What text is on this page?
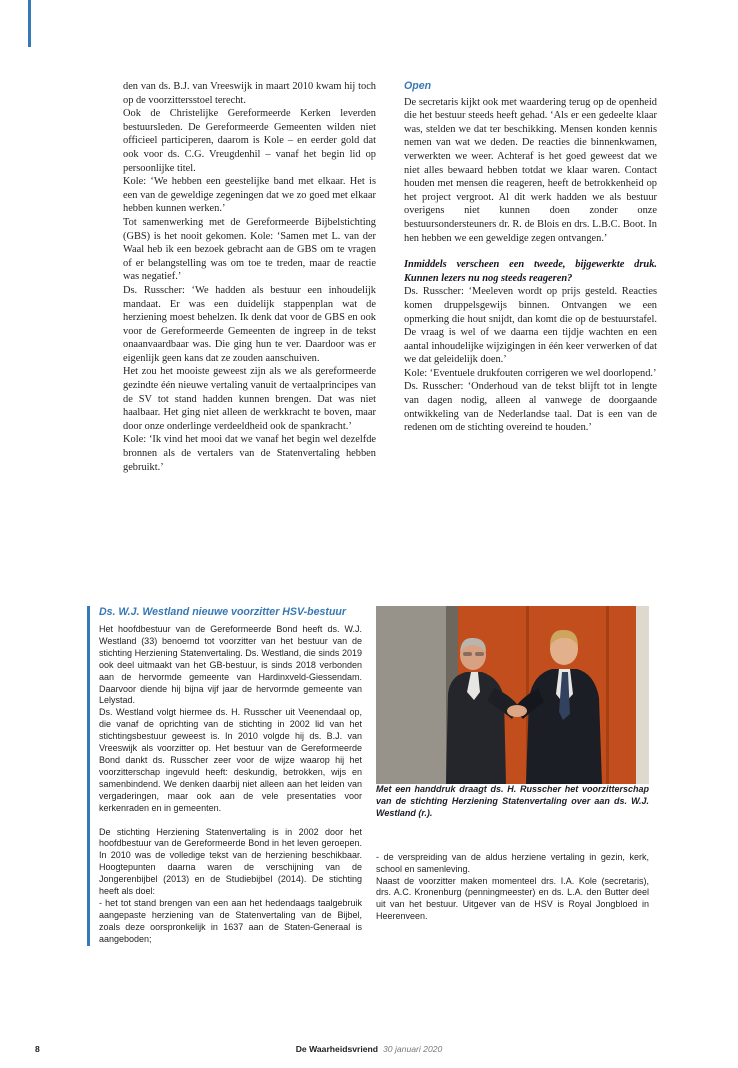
den van ds. B.J. van Vreeswijk in maart 2010 kwam hij toch op de voorzittersstoel terecht.

Ook de Christelijke Gereformeerde Kerken leverden bestuursleden. De Gereformeerde Gemeenten wilden niet officieel participeren, daarom is Kole – en eerder gold dat ook voor ds. C.G. Vreugdenhil – vanaf het begin lid op persoonlijke titel.

Kole: ‘We hebben een geestelijke band met elkaar. Het is een van de geweldige zegeningen dat we zo goed met elkaar hebben kunnen werken.’

Tot samenwerking met de Gereformeerde Bijbelstichting (GBS) is het nooit gekomen. Kole: ‘Samen met L. van der Waal heb ik een bezoek gebracht aan de GBS om te vragen of er belangstelling was om toe te treden, maar de reactie was negatief.’

Ds. Russcher: ‘We hadden als bestuur een inhoudelijk mandaat. Er was een duidelijk stappenplan wat de herziening moest behelzen. Ik denk dat voor de GBS en ook voor de Gereformeerde Gemeenten de ingreep in de tekst onaanvaardbaar was. Die ging hun te ver. Daardoor was er eigenlijk geen kans dat ze zouden aanschuiven.

Het zou het mooiste geweest zijn als we als gereformeerde gezindte één nieuwe vertaling vanuit de vertaalprincipes van de SV tot stand hadden kunnen brengen. Dat was niet haalbaar. Het ging niet alleen de werkkracht te boven, maar door onze onderlinge verdeeldheid ook de spankracht.’

Kole: ‘Ik vind het mooi dat we vanaf het begin wel dezelfde bronnen als de vertalers van de Statenvertaling hebben gebruikt.’

Open

De secretaris kijkt ook met waardering terug op de openheid die het bestuur steeds heeft gehad. ‘Als er een gedeelte klaar was, stelden we dat ter beschikking. Mensen konden kennis nemen van wat we deden. De reacties die binnenkwamen, verwerkten we weer. Achteraf is het goed geweest dat we niet alles bewaard hebben totdat we klaar waren. Contact houden met mensen die reageren, heeft de betrokkenheid op het project vergroot. Al dit werk hadden we als bestuur overigens niet kunnen doen zonder onze bestuursondersteuners dr. R. de Blois en drs. L.B.C. Boot. In hen hebben we een geweldige zegen ontvangen.’

Inmiddels verscheen een tweede, bijgewerkte druk. Kunnen lezers nu nog steeds reageren?

Ds. Russcher: ‘Meeleven wordt op prijs gesteld. Reacties komen druppelsgewijs binnen. Ontvangen we een opmerking die hout snijdt, dan komt die op de bestuurstafel. De vraag is wel of we daarna een tijdje wachten en een aantal inhoudelijke wijzigingen in één keer verwerken of dat we dat geleidelijk doen.’

Kole: ‘Eventuele drukfouten corrigeren we wel doorlopend.’

Ds. Russcher: ‘Onderhoud van de tekst blijft tot in lengte van dagen nodig, alleen al vanwege de doorgaande ontwikkeling van de Nederlandse taal. Dat is een van de redenen om de stichting overeind te houden.’

Ds. W.J. Westland nieuwe voorzitter HSV-bestuur

Het hoofdbestuur van de Gereformeerde Bond heeft ds. W.J. Westland (33) benoemd tot voorzitter van het bestuur van de stichting Herziening Statenvertaling. Ds. Westland, die sinds 2019 ook deel uitmaakt van het GB-bestuur, is sinds 2018 verbonden aan de hervormde gemeente van Hardinxveld-Giessendam. Daarvoor diende hij bijna vijf jaar de hervormde gemeente van Lelystad.

Ds. Westland volgt hiermee ds. H. Russcher uit Veenendaal op, die vanaf de oprichting van de stichting in 2002 lid van het stichtingsbestuur geweest is. In 2010 volgde hij ds. B.J. van Vreeswijk als voorzitter op. Het bestuur van de Gereformeerde Bond dankt ds. Russcher zeer voor de wijze waarop hij het voorzitterschap ingevuld heeft: deskundig, betrokken, wijs en samenbindend. We denken daarbij niet alleen aan het leiden van vergaderingen, maar ook aan de vele presentaties voor kerkenraden en in gemeenten.

De stichting Herziening Statenvertaling is in 2002 door het hoofdbestuur van de Gereformeerde Bond in het leven geroepen. In 2010 was de volledige tekst van de herziening beschikbaar. Hoogtepunten daarna waren de verschijning van de Jongerenbijbel (2013) en de Studiebijbel (2014). De stichting heeft als doel:

- het tot stand brengen van een aan het hedendaags taalgebruik aangepaste herziening van de Statenvertaling van de Bijbel, zoals deze oorspronkelijk in 1637 aan de Staten-Generaal is aangeboden;

Met een handdruk draagt ds. H. Russcher het voorzitterschap van de stichting Herziening Statenvertaling over aan ds. W.J. Westland (r.).

- de verspreiding van de aldus herziene vertaling in gezin, kerk, school en samenleving.

Naast de voorzitter maken momenteel drs. I.A. Kole (secretaris), drs. A.C. Kronenburg (penningmeester) en ds. L.A. den Butter deel uit van het bestuur. Uitgever van de HSV is Royal Jongbloed in Heerenveen.

8	De Waarheidsvriend 30 januari 2020
